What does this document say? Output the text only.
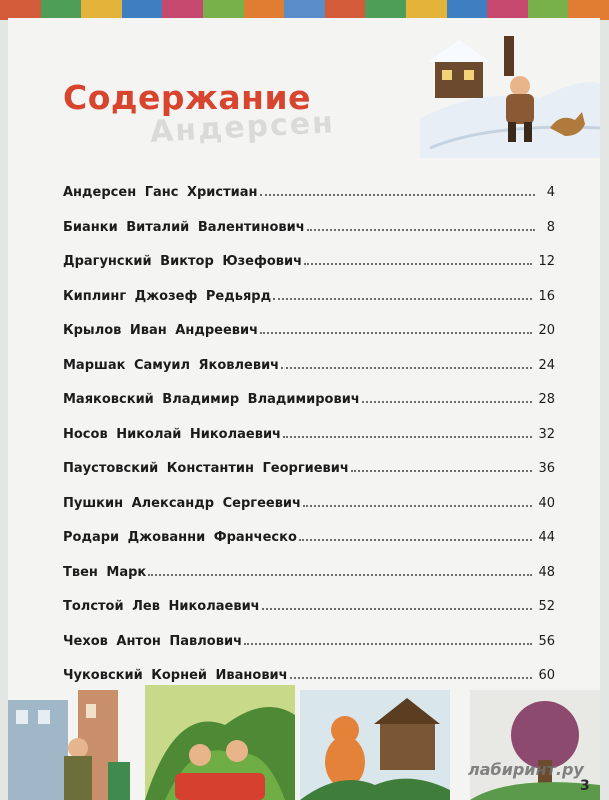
Андерсен
Содержание
Андерсен Ганс Христиан	4
Бианки Виталий Валентинович	8
Драгунский Виктор Юзефович	12
Киплинг Джозеф Редьярд	16
Крылов Иван Андреевич	20
Маршак Самуил Яковлевич	24
Маяковский Владимир Владимирович	28
Носов Николай Николаевич	32
Паустовский Константин Георгиевич	36
Пушкин Александр Сергеевич	40
Родари Джованни Франческо	44
Твен Марк	48
Толстой Лев Николаевич	52
Чехов Антон Павлович	56
Чуковский Корней Иванович	60
лабиринт.ру
3
